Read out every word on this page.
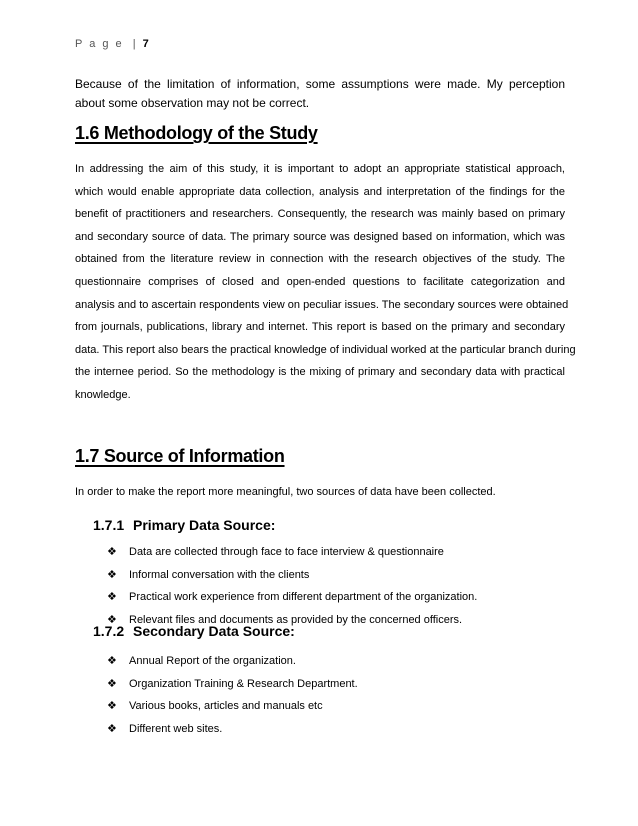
P a g e | 7

Because of the limitation of information, some assumptions were made. My perception about some observation may not be correct.

1.6 Methodology of the Study
In addressing the aim of this study, it is important to adopt an appropriate statistical approach,
which would enable appropriate data collection, analysis and interpretation of the findings for the
benefit of practitioners and researchers. Consequently, the research was mainly based on primary
and secondary source of data. The primary source was designed based on information, which was
obtained from the literature review in connection with the research objectives of the study. The
questionnaire comprises of closed and open-ended questions to facilitate categorization and
analysis and to ascertain respondents view on peculiar issues. The secondary sources were obtained
from journals, publications, library and internet. This report is based on the primary and secondary
data. This report also bears the practical knowledge of individual worked at the particular branch during
the internee period. So the methodology is the mixing of primary and secondary data with practical
knowledge.
1.7 Source of Information

In order to make the report more meaningful, two sources of data have been collected.

1.7.1 Primary Data Source:
❖ Data are collected through face to face interview & questionnaire
❖ Informal conversation with the clients
❖ Practical work experience from different department of the organization.
❖ Relevant files and documents as provided by the concerned officers.
1.7.2 Secondary Data Source:
❖ Annual Report of the organization.
❖ Organization Training & Research Department.
❖ Various books, articles and manuals etc
❖ Different web sites.
